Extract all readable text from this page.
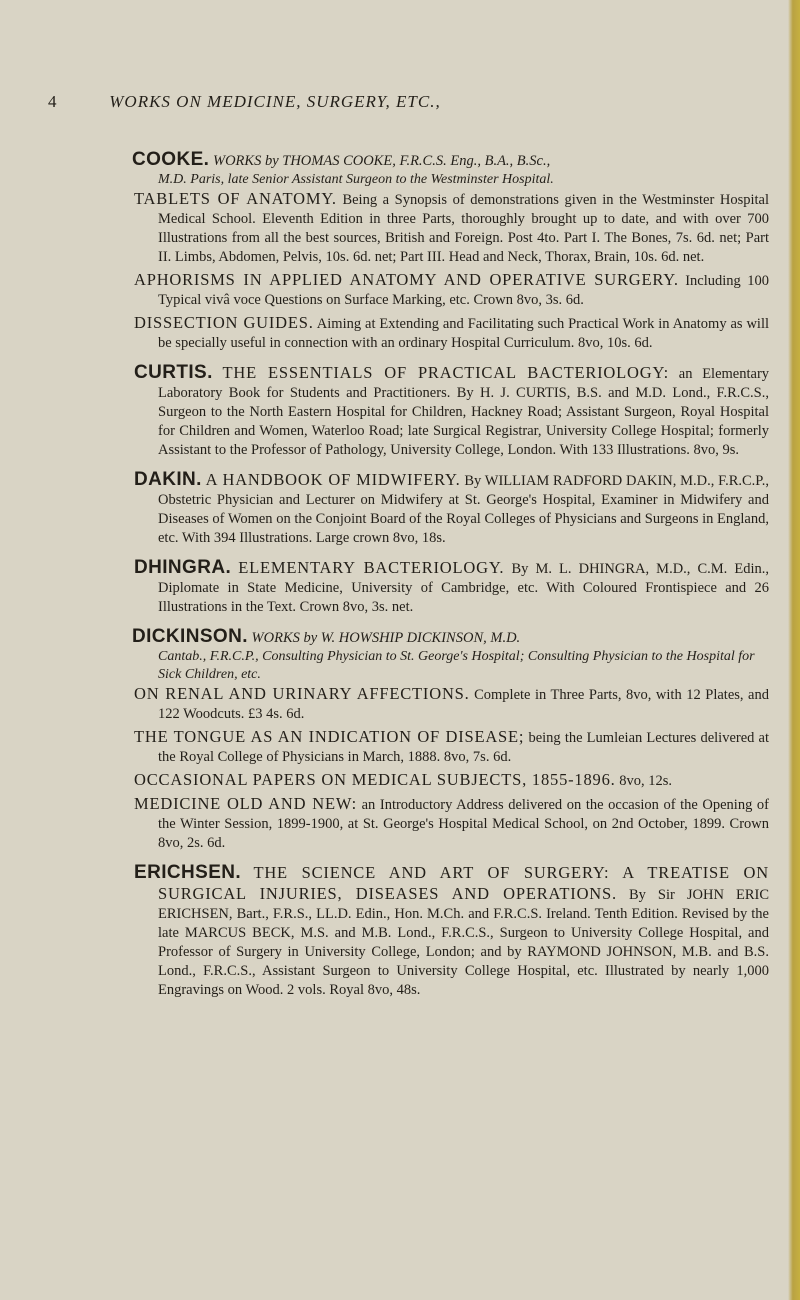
4	WORKS ON MEDICINE, SURGERY, ETC.,
COOKE. WORKS by THOMAS COOKE, F.R.C.S. Eng., B.A., B.Sc.,
M.D. Paris, late Senior Assistant Surgeon to the Westminster Hospital.
TABLETS OF ANATOMY. Being a Synopsis of demonstrations given in the Westminster Hospital Medical School. Eleventh Edition in three Parts, thoroughly brought up to date, and with over 700 Illustrations from all the best sources, British and Foreign. Post 4to. Part I. The Bones, 7s. 6d. net; Part II. Limbs, Abdomen, Pelvis, 10s. 6d. net; Part III. Head and Neck, Thorax, Brain, 10s. 6d. net.
APHORISMS IN APPLIED ANATOMY AND OPERATIVE SURGERY. Including 100 Typical vivâ voce Questions on Surface Marking, etc. Crown 8vo, 3s. 6d.
DISSECTION GUIDES. Aiming at Extending and Facilitating such Practical Work in Anatomy as will be specially useful in connection with an ordinary Hospital Curriculum. 8vo, 10s. 6d.
CURTIS. THE ESSENTIALS OF PRACTICAL BACTERIOLOGY: an Elementary Laboratory Book for Students and Practitioners. By H. J. CURTIS, B.S. and M.D. Lond., F.R.C.S., Surgeon to the North Eastern Hospital for Children, Hackney Road; Assistant Surgeon, Royal Hospital for Children and Women, Waterloo Road; late Surgical Registrar, University College Hospital; formerly Assistant to the Professor of Pathology, University College, London. With 133 Illustrations. 8vo, 9s.
DAKIN. A HANDBOOK OF MIDWIFERY. By WILLIAM RADFORD DAKIN, M.D., F.R.C.P., Obstetric Physician and Lecturer on Midwifery at St. George's Hospital, Examiner in Midwifery and Diseases of Women on the Conjoint Board of the Royal Colleges of Physicians and Surgeons in England, etc. With 394 Illustrations. Large crown 8vo, 18s.
DHINGRA. ELEMENTARY BACTERIOLOGY. By M. L. DHINGRA, M.D., C.M. Edin., Diplomate in State Medicine, University of Cambridge, etc. With Coloured Frontispiece and 26 Illustrations in the Text. Crown 8vo, 3s. net.
DICKINSON. WORKS by W. HOWSHIP DICKINSON, M.D.
Cantab., F.R.C.P., Consulting Physician to St. George's Hospital; Consulting Physician to the Hospital for Sick Children, etc.
ON RENAL AND URINARY AFFECTIONS. Complete in Three Parts, 8vo, with 12 Plates, and 122 Woodcuts. £3 4s. 6d.
THE TONGUE AS AN INDICATION OF DISEASE; being the Lumleian Lectures delivered at the Royal College of Physicians in March, 1888. 8vo, 7s. 6d.
OCCASIONAL PAPERS ON MEDICAL SUBJECTS, 1855-1896. 8vo, 12s.
MEDICINE OLD AND NEW: an Introductory Address delivered on the occasion of the Opening of the Winter Session, 1899-1900, at St. George's Hospital Medical School, on 2nd October, 1899. Crown 8vo, 2s. 6d.
ERICHSEN. THE SCIENCE AND ART OF SURGERY: A TREATISE ON SURGICAL INJURIES, DISEASES AND OPERATIONS. By Sir JOHN ERIC ERICHSEN, Bart., F.R.S., LL.D. Edin., Hon. M.Ch. and F.R.C.S. Ireland. Tenth Edition. Revised by the late MARCUS BECK, M.S. and M.B. Lond., F.R.C.S., Surgeon to University College Hospital, and Professor of Surgery in University College, London; and by RAYMOND JOHNSON, M.B. and B.S. Lond., F.R.C.S., Assistant Surgeon to University College Hospital, etc. Illustrated by nearly 1,000 Engravings on Wood. 2 vols. Royal 8vo, 48s.
